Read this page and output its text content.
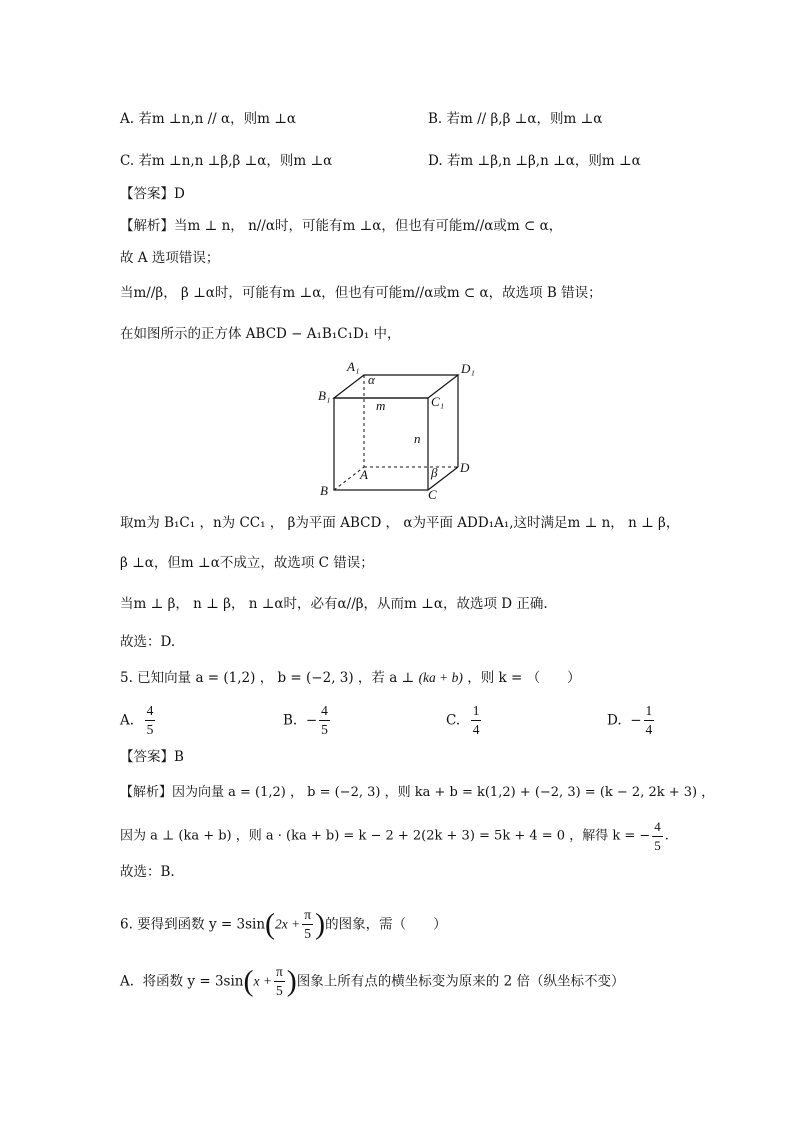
A. 若m ⊥n,n // α，则m ⊥α	B. 若m // β,β ⊥α，则m ⊥α
C. 若m ⊥n,n ⊥β,β ⊥α，则m ⊥α	D. 若m ⊥β,n ⊥β,n ⊥α，则m ⊥α
【答案】D
【解析】当m ⊥ n， n//α时，可能有m ⊥α，但也有可能m//α或m ⊂ α，
故 A 选项错误；
当m//β， β ⊥α时，可能有m ⊥α，但也有可能m//α或m ⊂ α，故选项 B 错误；
在如图所示的正方体 ABCD − A₁B₁C₁D₁ 中，
A₁
α
D₁
B₁
m	C₁
n
A	β D
B	C
取m为 B₁C₁ ，n为 CC₁ ， β为平面 ABCD ， α为平面 ADD₁A₁,这时满足m ⊥ n， n ⊥ β，
β ⊥α，但m ⊥α不成立，故选项 C 错误；
当m ⊥ β， n ⊥ β， n ⊥α时，必有α//β，从而m ⊥α，故选项 D 正确.
故选：D.
5. 已知向量 a = (1,2) ， b = (−2, 3) ，若 a ⊥ (ka + b) ，则 k = （　　）
A. $\frac{4}{5}$	B. − $\frac{4}{5}$	C. $\frac{1}{4}$	D. − $\frac{1}{4}$
【答案】B
【解析】因为向量 a = (1,2) ， b = (−2, 3) ，则 ka + b = k(1,2) + (−2, 3) = (k − 2, 2k + 3) ，
因为 a ⊥ (ka + b) ，则 a · (ka + b) = k − 2 + 2(2k + 3) = 5k + 4 = 0 ，解得 k = − $\frac{4}{5}$ .
故选：B.
6. 要得到函数 $y = 3\sin(2x + \frac{\pi}{5}$ )的图象，需（　　）
A. 将函数 $y = 3\sin(x + \frac{\pi}{5}$ )图象上所有点的横坐标变为原来的 2 倍（纵坐标不变）
